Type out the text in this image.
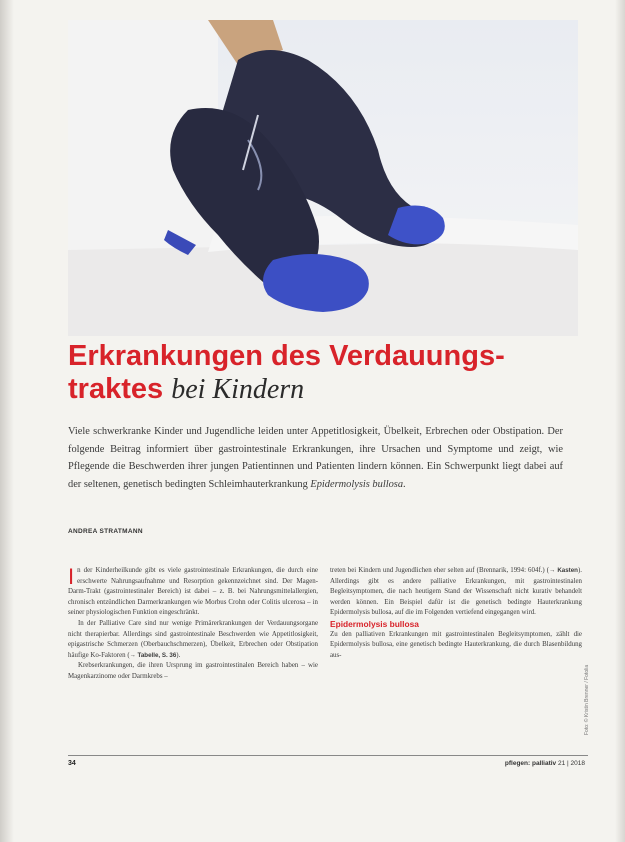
Erkrankungen des Verdauungs-
traktes bei Kindern

Viele schwerkranke Kinder und Jugendliche leiden unter Appetitlosigkeit, Übelkeit, Erbrechen oder Obstipation. Der folgende Beitrag informiert über gastrointestinale Erkrankungen, ihre Ursachen und Symptome und zeigt, wie Pflegende die Beschwerden ihrer jungen Patientinnen und Patienten lindern können. Ein Schwerpunkt liegt dabei auf der seltenen, genetisch bedingten Schleimhauterkrankung Epidermolysis bullosa.

ANDREA STRATMANN

In der Kinderheilkunde gibt es viele gastrointestinale Erkrankungen, die durch eine erschwerte Nahrungsaufnahme und Resorption gekennzeichnet sind. Der Magen-Darm-Trakt (gastrointestinaler Bereich) ist dabei – z. B. bei Nahrungsmittelallergien, chronisch entzündlichen Darmerkrankungen wie Morbus Crohn oder Colitis ulcerosa – in seiner physiologischen Funktion eingeschränkt.

In der Palliative Care sind nur wenige Primärerkrankungen der Verdauungsorgane nicht therapierbar. Allerdings sind gastrointestinale Beschwerden wie Appetitlosigkeit, epigastrische Schmerzen (Oberbauchschmerzen), Übelkeit, Erbrechen oder Obstipation häufige Ko-Faktoren (→ Tabelle, S. 36).

Krebserkrankungen, die ihren Ursprung im gastrointestinalen Bereich haben – wie Magenkarzinome oder Darmkrebs –

treten bei Kindern und Jugendlichen eher selten auf (Brennarik, 1994: 604f.) (→ Kasten). Allerdings gibt es andere palliative Erkrankungen, mit gastrointestinalen Begleitsymptomen, die nach heutigem Stand der Wissenschaft nicht kurativ behandelt werden können. Ein Beispiel dafür ist die genetisch bedingte Hauterkrankung Epidermolysis bullosa, auf die im Folgenden vertiefend eingegangen wird.

Epidermolysis bullosa

Zu den palliativen Erkrankungen mit gastrointestinalen Begleitsymptomen, zählt die Epidermolysis bullosa, eine genetisch bedingte Hauterkrankung, die durch Blasenbildung aus-

Foto: © Kristin Brenner / Fotolia

34	pflegen: palliativ 21 | 2018
